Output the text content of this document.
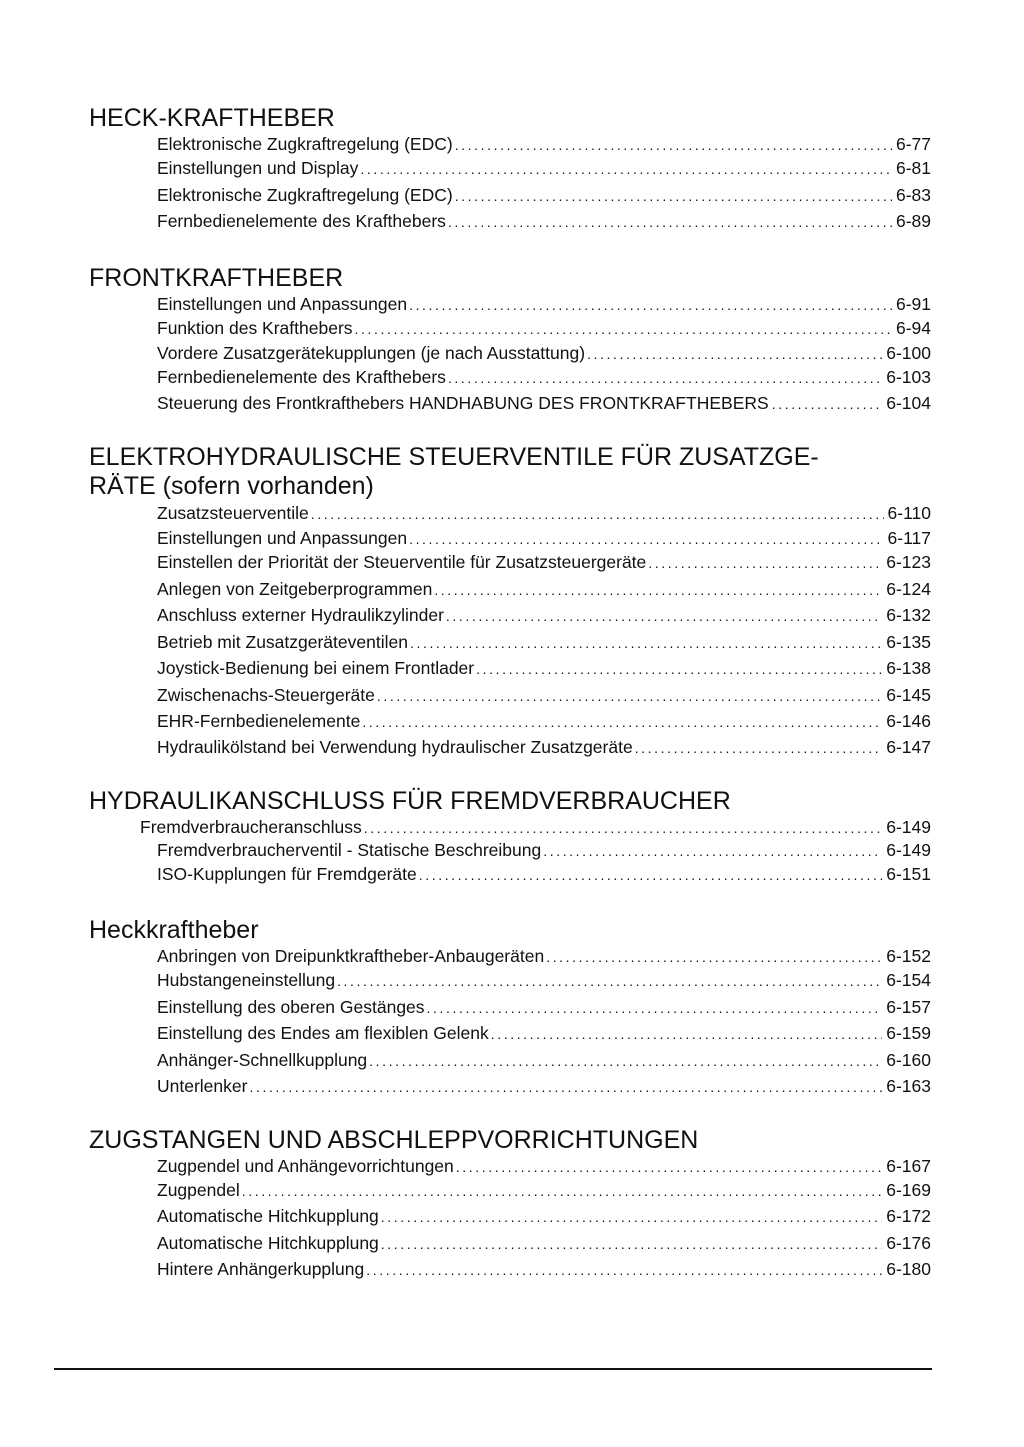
HECK-KRAFTHEBER
Elektronische Zugkraftregelung (EDC) .....	6-77
Einstellungen und Display .....	6-81
Elektronische Zugkraftregelung (EDC) .....	6-83
Fernbedienelemente des Krafthebers .....	6-89
FRONTKRAFTHEBER
Einstellungen und Anpassungen .....	6-91
Funktion des Krafthebers .....	6-94
Vordere Zusatzgerätekupplungen (je nach Ausstattung) .....	6-100
Fernbedienelemente des Krafthebers .....	6-103
Steuerung des Frontkrafthebers HANDHABUNG DES FRONTKRAFTHEBERS .....	6-104
ELEKTROHYDRAULISCHE STEUERVENTILE FÜR ZUSATZGE-
RÄTE (sofern vorhanden)
Zusatzsteuerventile .....	6-110
Einstellungen und Anpassungen .....	6-117
Einstellen der Priorität der Steuerventile für Zusatzsteuergeräte .....	6-123
Anlegen von Zeitgeberprogrammen .....	6-124
Anschluss externer Hydraulikzylinder .....	6-132
Betrieb mit Zusatzgeräteventilen .....	6-135
Joystick-Bedienung bei einem Frontlader .....	6-138
Zwischenachs-Steuergeräte .....	6-145
EHR-Fernbedienelemente .....	6-146
Hydraulikölstand bei Verwendung hydraulischer Zusatzgeräte .....	6-147
HYDRAULIKANSCHLUSS FÜR FREMDVERBRAUCHER
Fremdverbraucheranschluss .....	6-149
Fremdverbraucherventil - Statische Beschreibung .....	6-149
ISO-Kupplungen für Fremdgeräte .....	6-151
Heckkraftheber
Anbringen von Dreipunktkraftheber-Anbaugeräten .....	6-152
Hubstangeneinstellung .....	6-154
Einstellung des oberen Gestänges .....	6-157
Einstellung des Endes am flexiblen Gelenk .....	6-159
Anhänger-Schnellkupplung .....	6-160
Unterlenker .....	6-163
ZUGSTANGEN UND ABSCHLEPPVORRICHTUNGEN
Zugpendel und Anhängevorrichtungen .....	6-167
Zugpendel .....	6-169
Automatische Hitchkupplung .....	6-172
Automatische Hitchkupplung .....	6-176
Hintere Anhängerkupplung .....	6-180
